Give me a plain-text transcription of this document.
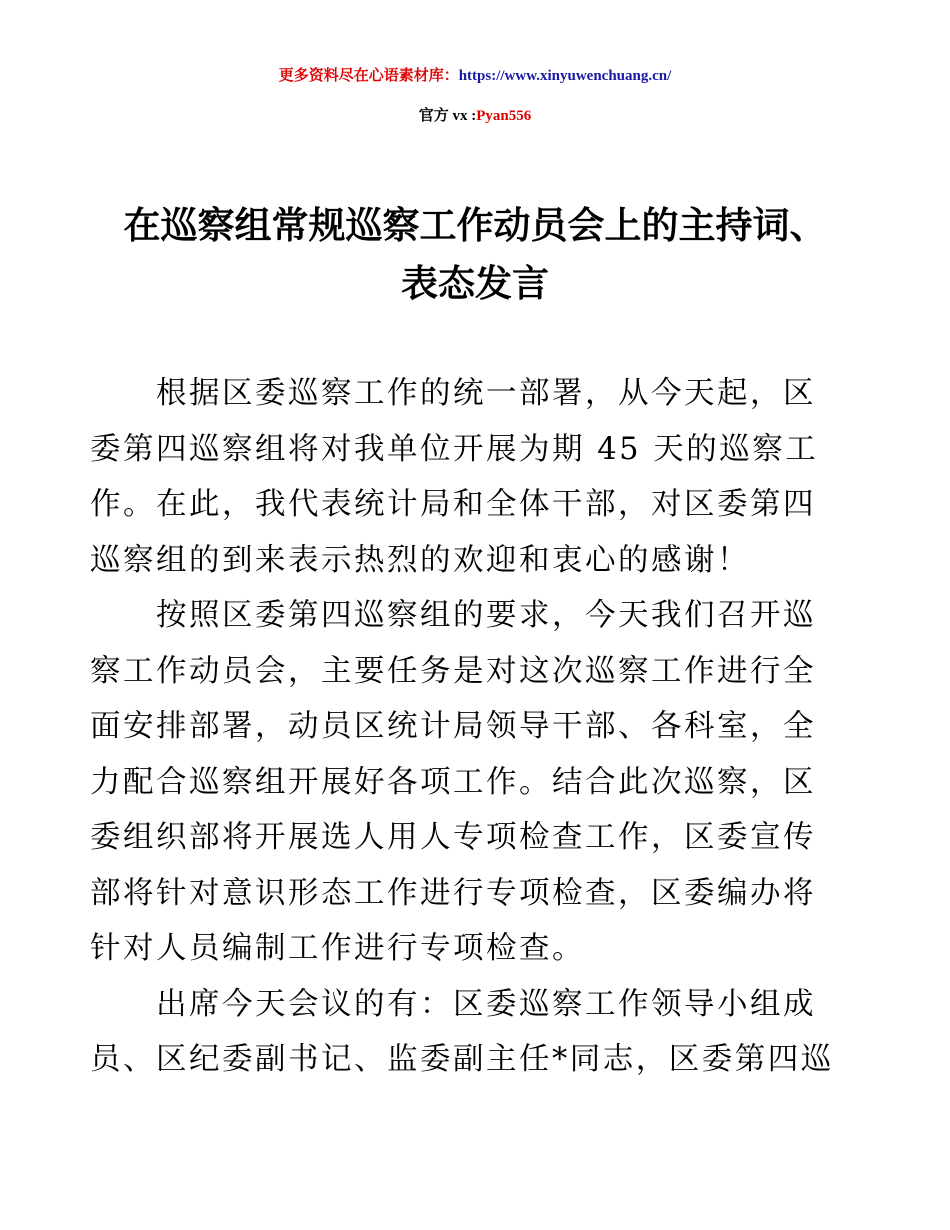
更多资料尽在心语素材库：https://www.xinyuwenchuang.cn/
官方 vx :Pyan556
在巡察组常规巡察工作动员会上的主持词、
表态发言
根据区委巡察工作的统一部署，从今天起，区
委第四巡察组将对我单位开展为期 45 天的巡察工
作。在此，我代表统计局和全体干部，对区委第四
巡察组的到来表示热烈的欢迎和衷心的感谢！
按照区委第四巡察组的要求，今天我们召开巡
察工作动员会，主要任务是对这次巡察工作进行全
面安排部署，动员区统计局领导干部、各科室，全
力配合巡察组开展好各项工作。结合此次巡察，区
委组织部将开展选人用人专项检查工作，区委宣传
部将针对意识形态工作进行专项检查，区委编办将
针对人员编制工作进行专项检查。
出席今天会议的有：区委巡察工作领导小组成
员、区纪委副书记、监委副主任*同志，区委第四巡
